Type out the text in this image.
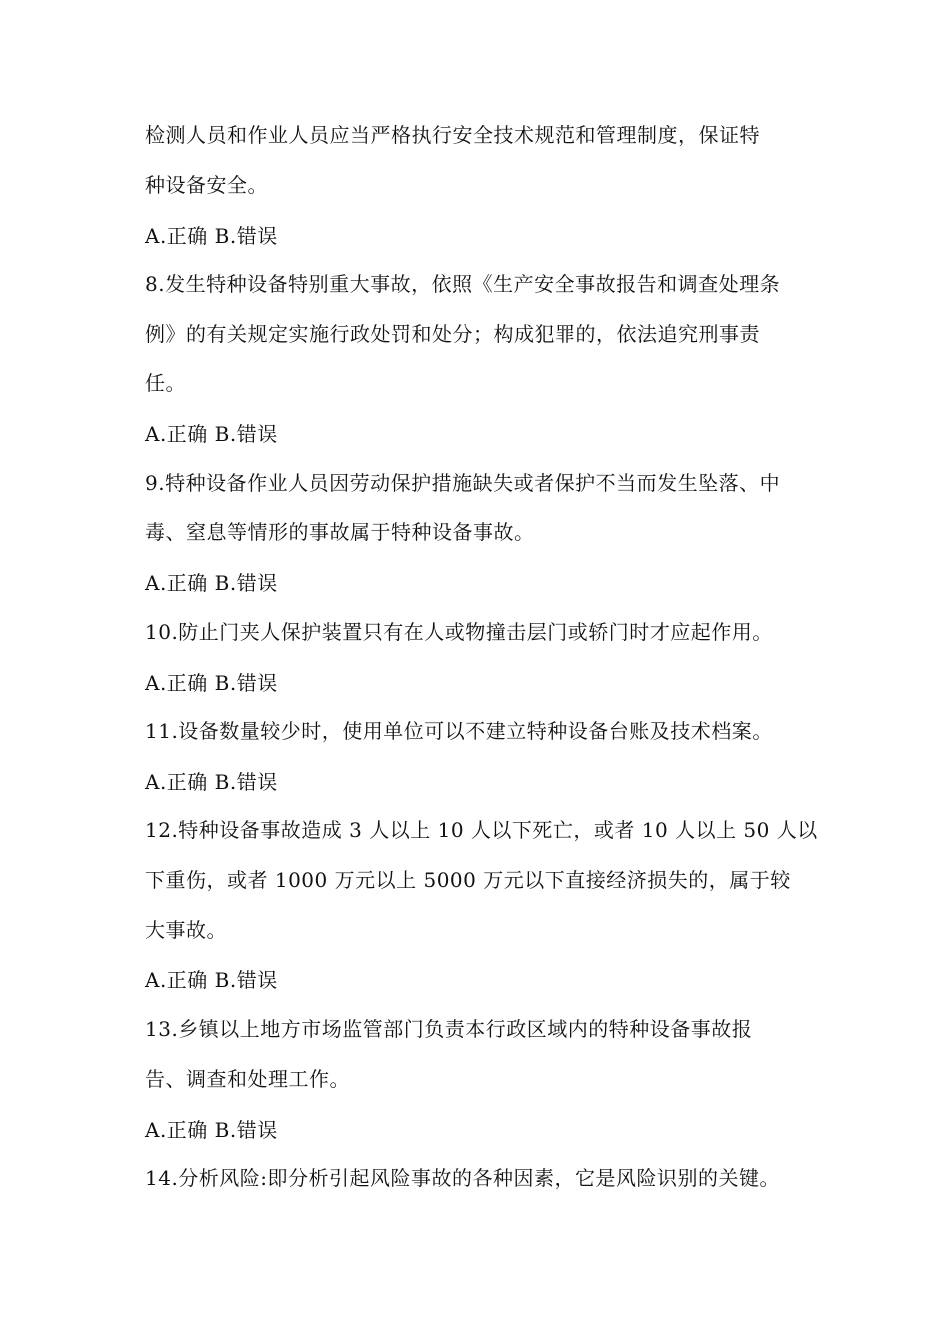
检测人员和作业人员应当严格执行安全技术规范和管理制度，保证特
种设备安全。
A.正确 B.错误
8.发生特种设备特别重大事故，依照《生产安全事故报告和调查处理条
例》的有关规定实施行政处罚和处分；构成犯罪的，依法追究刑事责
任。
A.正确 B.错误
9.特种设备作业人员因劳动保护措施缺失或者保护不当而发生坠落、中
毒、窒息等情形的事故属于特种设备事故。
A.正确 B.错误
10.防止门夹人保护装置只有在人或物撞击层门或轿门时才应起作用。
A.正确 B.错误
11.设备数量较少时，使用单位可以不建立特种设备台账及技术档案。
A.正确 B.错误
12.特种设备事故造成 3 人以上 10 人以下死亡，或者 10 人以上 50 人以
下重伤，或者 1000 万元以上 5000 万元以下直接经济损失的，属于较
大事故。
A.正确 B.错误
13.乡镇以上地方市场监管部门负责本行政区域内的特种设备事故报
告、调查和处理工作。
A.正确 B.错误
14.分析风险:即分析引起风险事故的各种因素，它是风险识别的关键。
